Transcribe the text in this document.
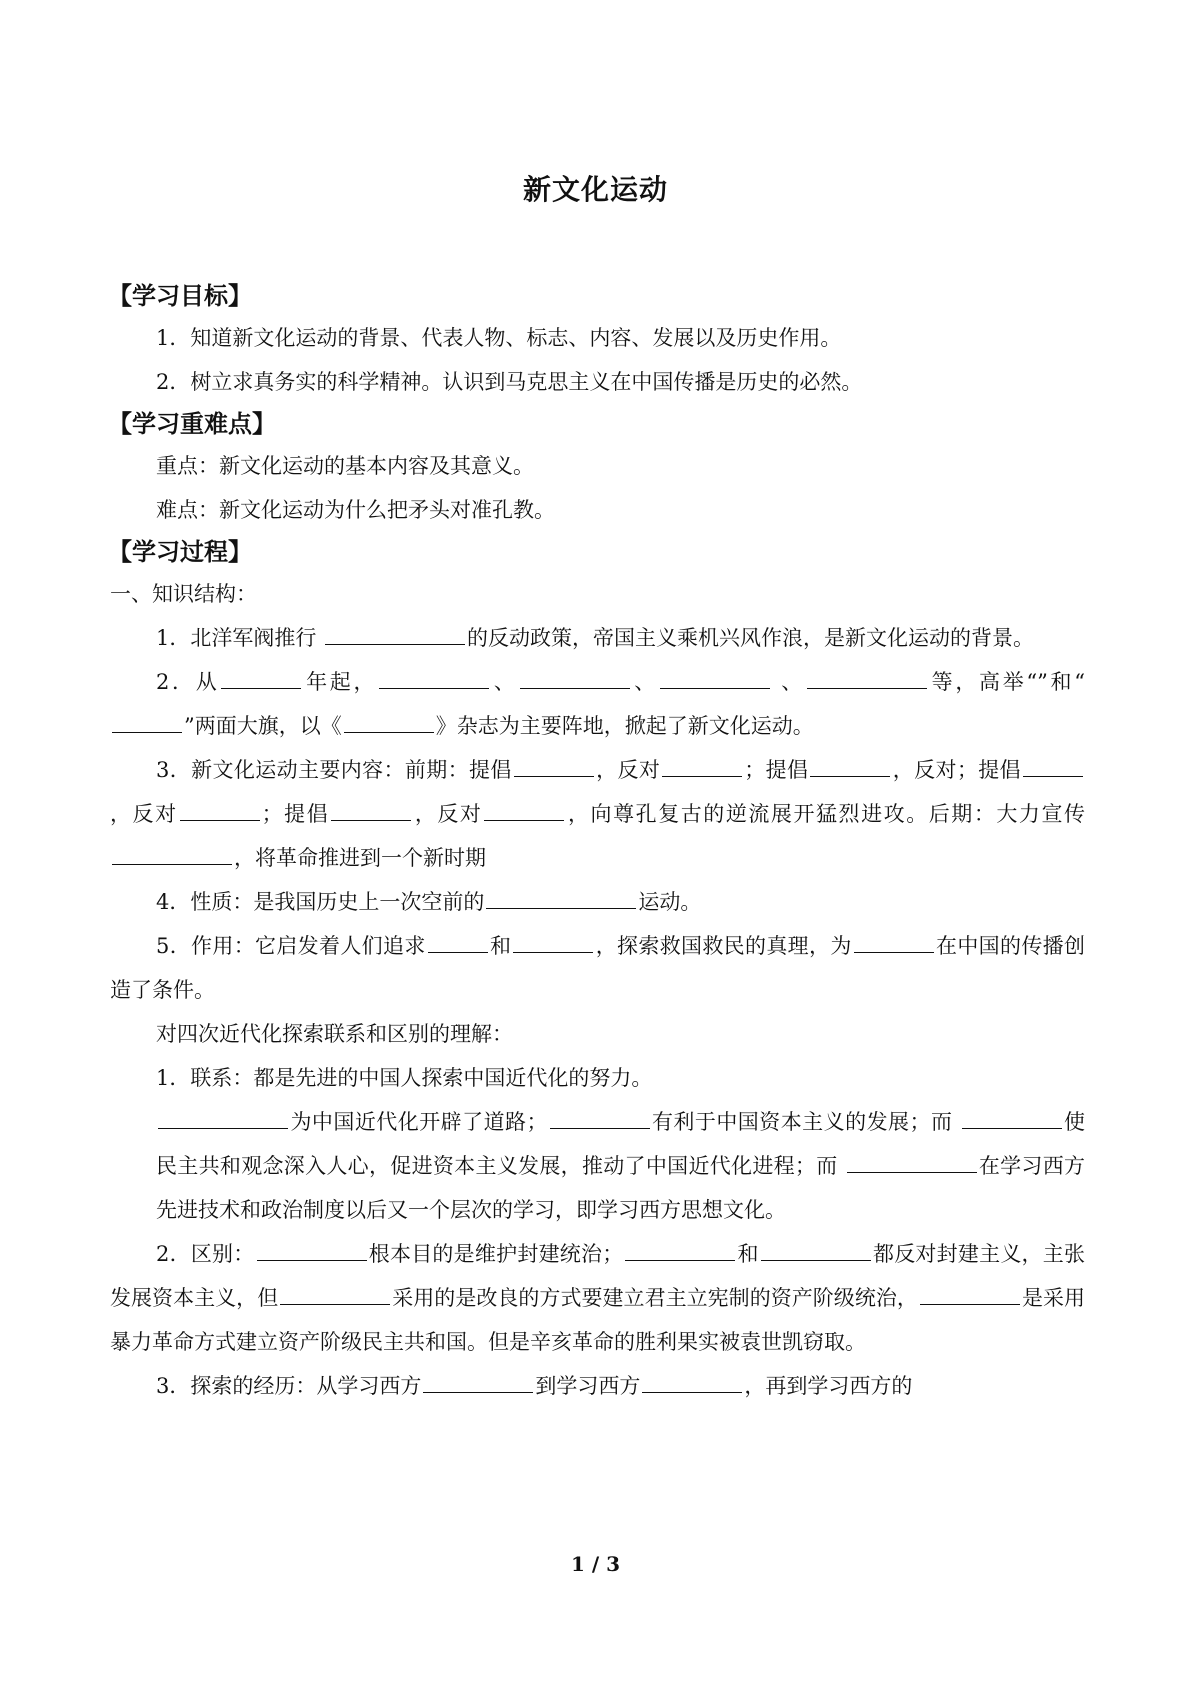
新文化运动
【学习目标】

1．知道新文化运动的背景、代表人物、标志、内容、发展以及历史作用。

2．树立求真务实的科学精神。认识到马克思主义在中国传播是历史的必然。

【学习重难点】

重点：新文化运动的基本内容及其意义。

难点：新文化运动为什么把矛头对准孔教。

【学习过程】

一、知识结构：

1．北洋军阀推行	的反动政策，帝国主义乘机兴风作浪，是新文化运动的背景。

2．从	年起，	、	、	、	等，高举“”和“”两面大旗，以《	》杂志为主要阵地，掀起了新文化运动。

3．新文化运动主要内容：前期：提倡	，反对	；提倡	，反对；提倡，反对	；提倡	，反对	，向尊孔复古的逆流展开猛烈进攻。后期：大力宣传，将革命推进到一个新时期

4．性质：是我国历史上一次空前的	运动。

5．作用：它启发着人们追求	和	，探索救国救民的真理，为	在中国的传播创造了条件。

对四次近代化探索联系和区别的理解：

1．联系：都是先进的中国人探索中国近代化的努力。

为中国近代化开辟了道路；	有利于中国资本主义的发展；而	使民主共和观念深入人心，促进资本主义发展，推动了中国近代化进程；而	在学习西方先进技术和政治制度以后又一个层次的学习，即学习西方思想文化。

2．区别：	根本目的是维护封建统治；	和	都反对封建主义，主张发展资本主义，但	采用的是改良的方式要建立君主立宪制的资产阶级统治，	是采用暴力革命方式建立资产阶级民主共和国。但是辛亥革命的胜利果实被袁世凯窃取。

3．探索的经历：从学习西方	到学习西方	，再到学习西方的

1 / 3
